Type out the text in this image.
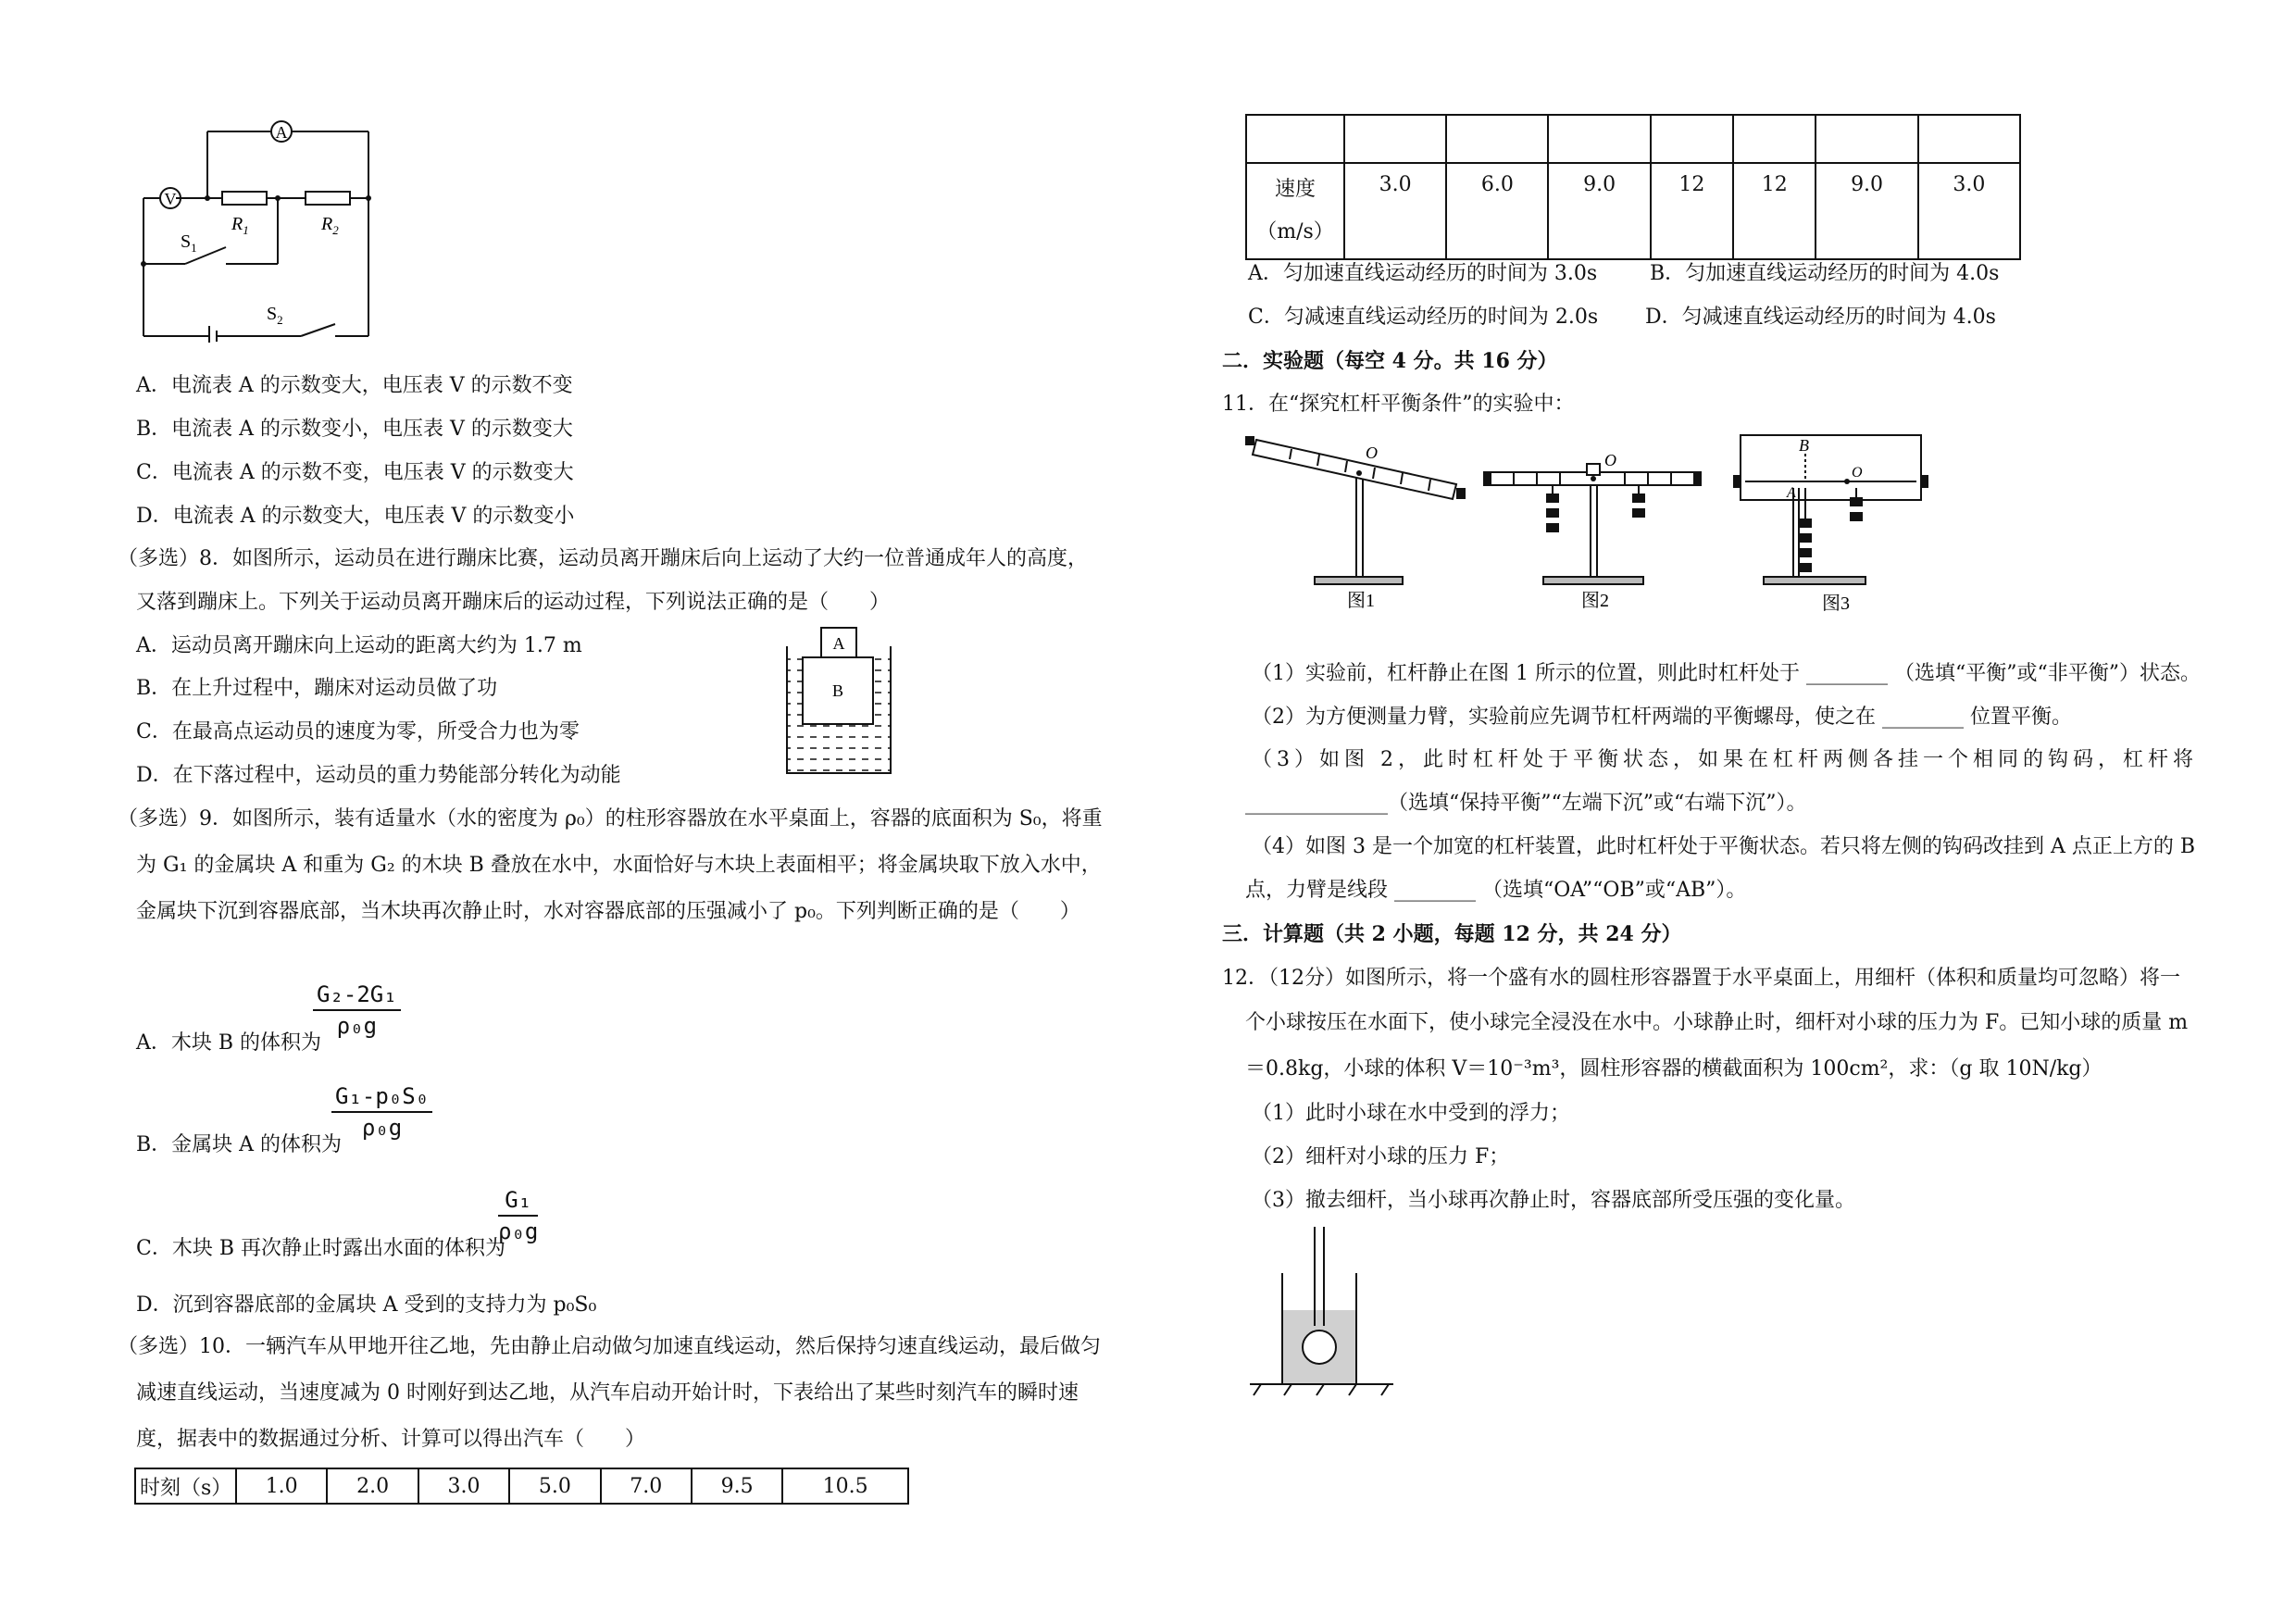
A
V
$R_1$	$R_2$
$S_1$
$S_2$
A．电流表 A 的示数变大，电压表 V 的示数不变
B．电流表 A 的示数变小，电压表 V 的示数变大
C．电流表 A 的示数不变，电压表 V 的示数变大
D．电流表 A 的示数变大，电压表 V 的示数变小
（多选）8．如图所示，运动员在进行蹦床比赛，运动员离开蹦床后向上运动了大约一位普通成年人的高度，
又落到蹦床上。下列关于运动员离开蹦床后的运动过程，下列说法正确的是（　　）
A．运动员离开蹦床向上运动的距离大约为 1.7 m
B．在上升过程中，蹦床对运动员做了功
C．在最高点运动员的速度为零，所受合力也为零
D．在下落过程中，运动员的重力势能部分转化为动能
A
B
（多选）9．如图所示，装有适量水（水的密度为 ρ₀）的柱形容器放在水平桌面上，容器的底面积为 S₀，将重
为 G₁ 的金属块 A 和重为 G₂ 的木块 B 叠放在水中，水面恰好与木块上表面相平；将金属块取下放入水中，
金属块下沉到容器底部，当木块再次静止时，水对容器底部的压强减小了 p₀。下列判断正确的是（　　）
A．木块 B 的体积为
$\frac{\text{G₂-2G₁}}{\text{ρ₀g}}$
B．金属块 A 的体积为
$\frac{\text{G₁-p₀S₀}}{\text{ρ₀g}}$
C．木块 B 再次静止时露出水面的体积为
$\frac{\text{G₁}}{\text{ρ₀g}}$
D．沉到容器底部的金属块 A 受到的支持力为 p₀S₀
（多选）10．一辆汽车从甲地开往乙地，先由静止启动做匀加速直线运动，然后保持匀速直线运动，最后做匀
减速直线运动，当速度减为 0 时刚好到达乙地，从汽车启动开始计时，下表给出了某些时刻汽车的瞬时速
度，据表中的数据通过分析、计算可以得出汽车（　　）
时刻（s）	1.0	2.0	3.0	5.0	7.0	9.5	10.5

速度
（m/s）	3.0	6.0	9.0	12	12	9.0	3.0
A．匀加速直线运动经历的时间为 3.0s	B．匀加速直线运动经历的时间为 4.0s
C．匀减速直线运动经历的时间为 2.0s D．匀减速直线运动经历的时间为 4.0s
二．实验题（每空 4 分。共 16 分）
11．在“探究杠杆平衡条件”的实验中：
O	O
B
A
O
图1	图2	图3
（1）实验前，杠杆静止在图 1 所示的位置，则此时杠杆处于 ________ （选填“平衡”或“非平衡”）状态。
（2）为方便测量力臂，实验前应先调节杠杆两端的平衡螺母，使之在 ________ 位置平衡。
（3）如图 2，此时杠杆处于平衡状态，如果在杠杆两侧各挂一个相同的钩码，杠杆将
______________（选填“保持平衡”“左端下沉”或“右端下沉”）。
（4）如图 3 是一个加宽的杠杆装置，此时杠杆处于平衡状态。若只将左侧的钩码改挂到 A 点正上方的 B
点，力臂是线段 ________ （选填“OA”“OB”或“AB”）。
三．计算题（共 2 小题，每题 12 分，共 24 分）
12．（12分）如图所示，将一个盛有水的圆柱形容器置于水平桌面上，用细杆（体积和质量均可忽略）将一
个小球按压在水面下，使小球完全浸没在水中。小球静止时，细杆对小球的压力为 F。已知小球的质量 m
＝0.8kg，小球的体积 V＝10⁻³m³，圆柱形容器的横截面积为 100cm²，求：（g 取 10N/kg）
（1）此时小球在水中受到的浮力；
（2）细杆对小球的压力 F；
（3）撤去细杆，当小球再次静止时，容器底部所受压强的变化量。
